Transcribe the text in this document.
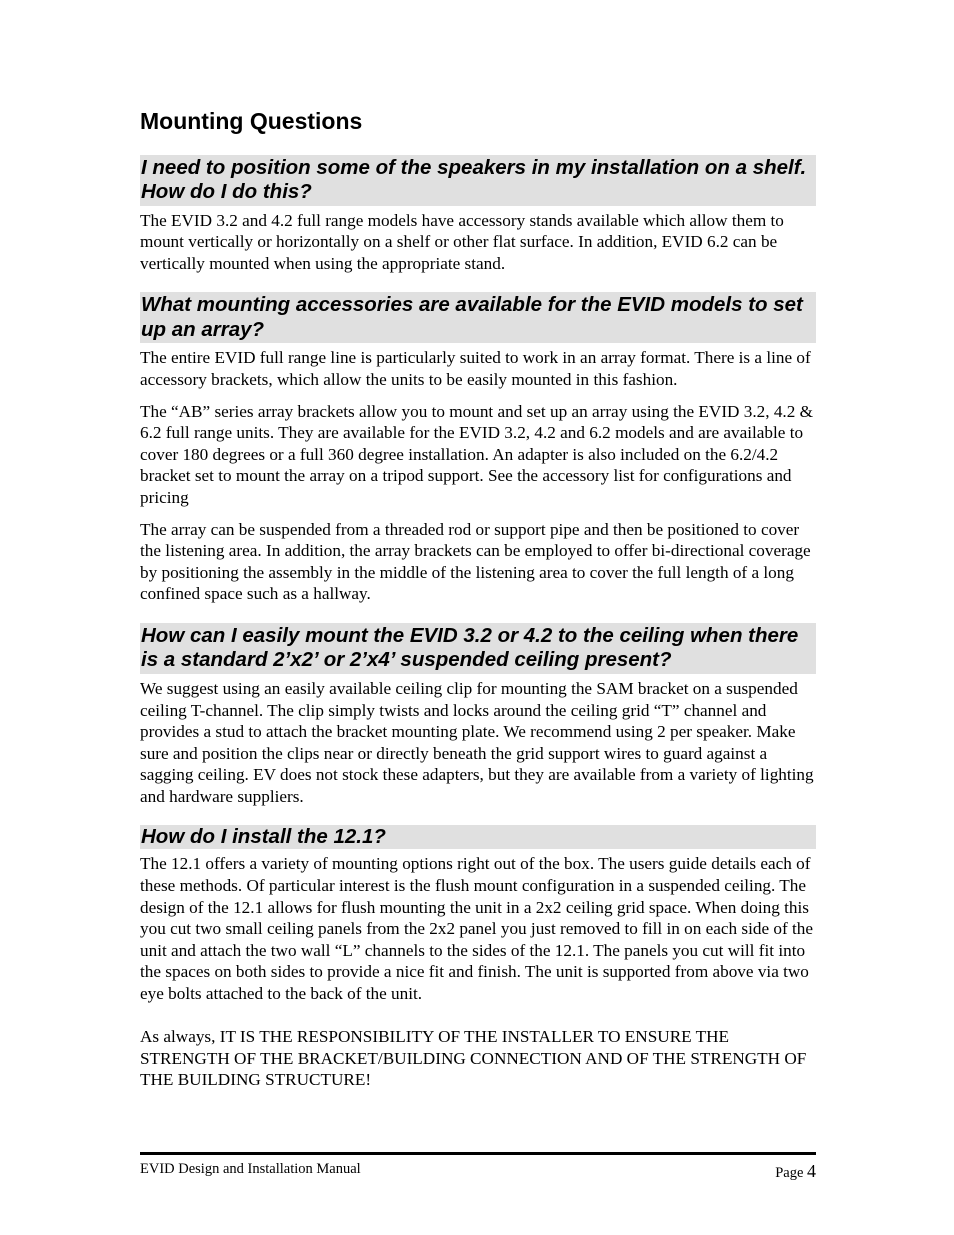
Mounting Questions
I need to position some of the speakers in my installation on a shelf. How do I do this?

The EVID 3.2 and 4.2 full range models have accessory stands available which allow them to mount vertically or horizontally on a shelf or other flat surface. In addition, EVID 6.2 can be vertically mounted when using the appropriate stand.

What mounting accessories are available for the EVID models to set up an array?

The entire EVID full range line is particularly suited to work in an array format. There is a line of accessory brackets, which allow the units to be easily mounted in this fashion.

The “AB” series array brackets allow you to mount and set up an array using the EVID 3.2, 4.2 & 6.2 full range units. They are available for the EVID 3.2, 4.2 and 6.2 models and are available to cover 180 degrees or a full 360 degree installation. An adapter is also included on the 6.2/4.2 bracket set to mount the array on a tripod support. See the accessory list for configurations and pricing

The array can be suspended from a threaded rod or support pipe and then be positioned to cover the listening area. In addition, the array brackets can be employed to offer bi-directional coverage by positioning the assembly in the middle of the listening area to cover the full length of a long confined space such as a hallway.

How can I easily mount the EVID 3.2 or 4.2 to the ceiling when there is a standard 2’x2’ or 2’x4’ suspended ceiling present?

We suggest using an easily available ceiling clip for mounting the SAM bracket on a suspended ceiling T-channel. The clip simply twists and locks around the ceiling grid “T” channel and provides a stud to attach the bracket mounting plate. We recommend using 2 per speaker. Make sure and position the clips near or directly beneath the grid support wires to guard against a sagging ceiling. EV does not stock these adapters, but they are available from a variety of lighting and hardware suppliers.

How do I install the 12.1?

The 12.1 offers a variety of mounting options right out of the box. The users guide details each of these methods. Of particular interest is the flush mount configuration in a suspended ceiling. The design of the 12.1 allows for flush mounting the unit in a 2x2 ceiling grid space. When doing this you cut two small ceiling panels from the 2x2 panel you just removed to fill in on each side of the unit and attach the two wall “L” channels to the sides of the 12.1. The panels you cut will fit into the spaces on both sides to provide a nice fit and finish. The unit is supported from above via two eye bolts attached to the back of the unit.

As always, IT IS THE RESPONSIBILITY OF THE INSTALLER TO ENSURE THE STRENGTH OF THE BRACKET/BUILDING CONNECTION AND OF THE STRENGTH OF THE BUILDING STRUCTURE!

EVID Design and Installation Manual	Page 4
